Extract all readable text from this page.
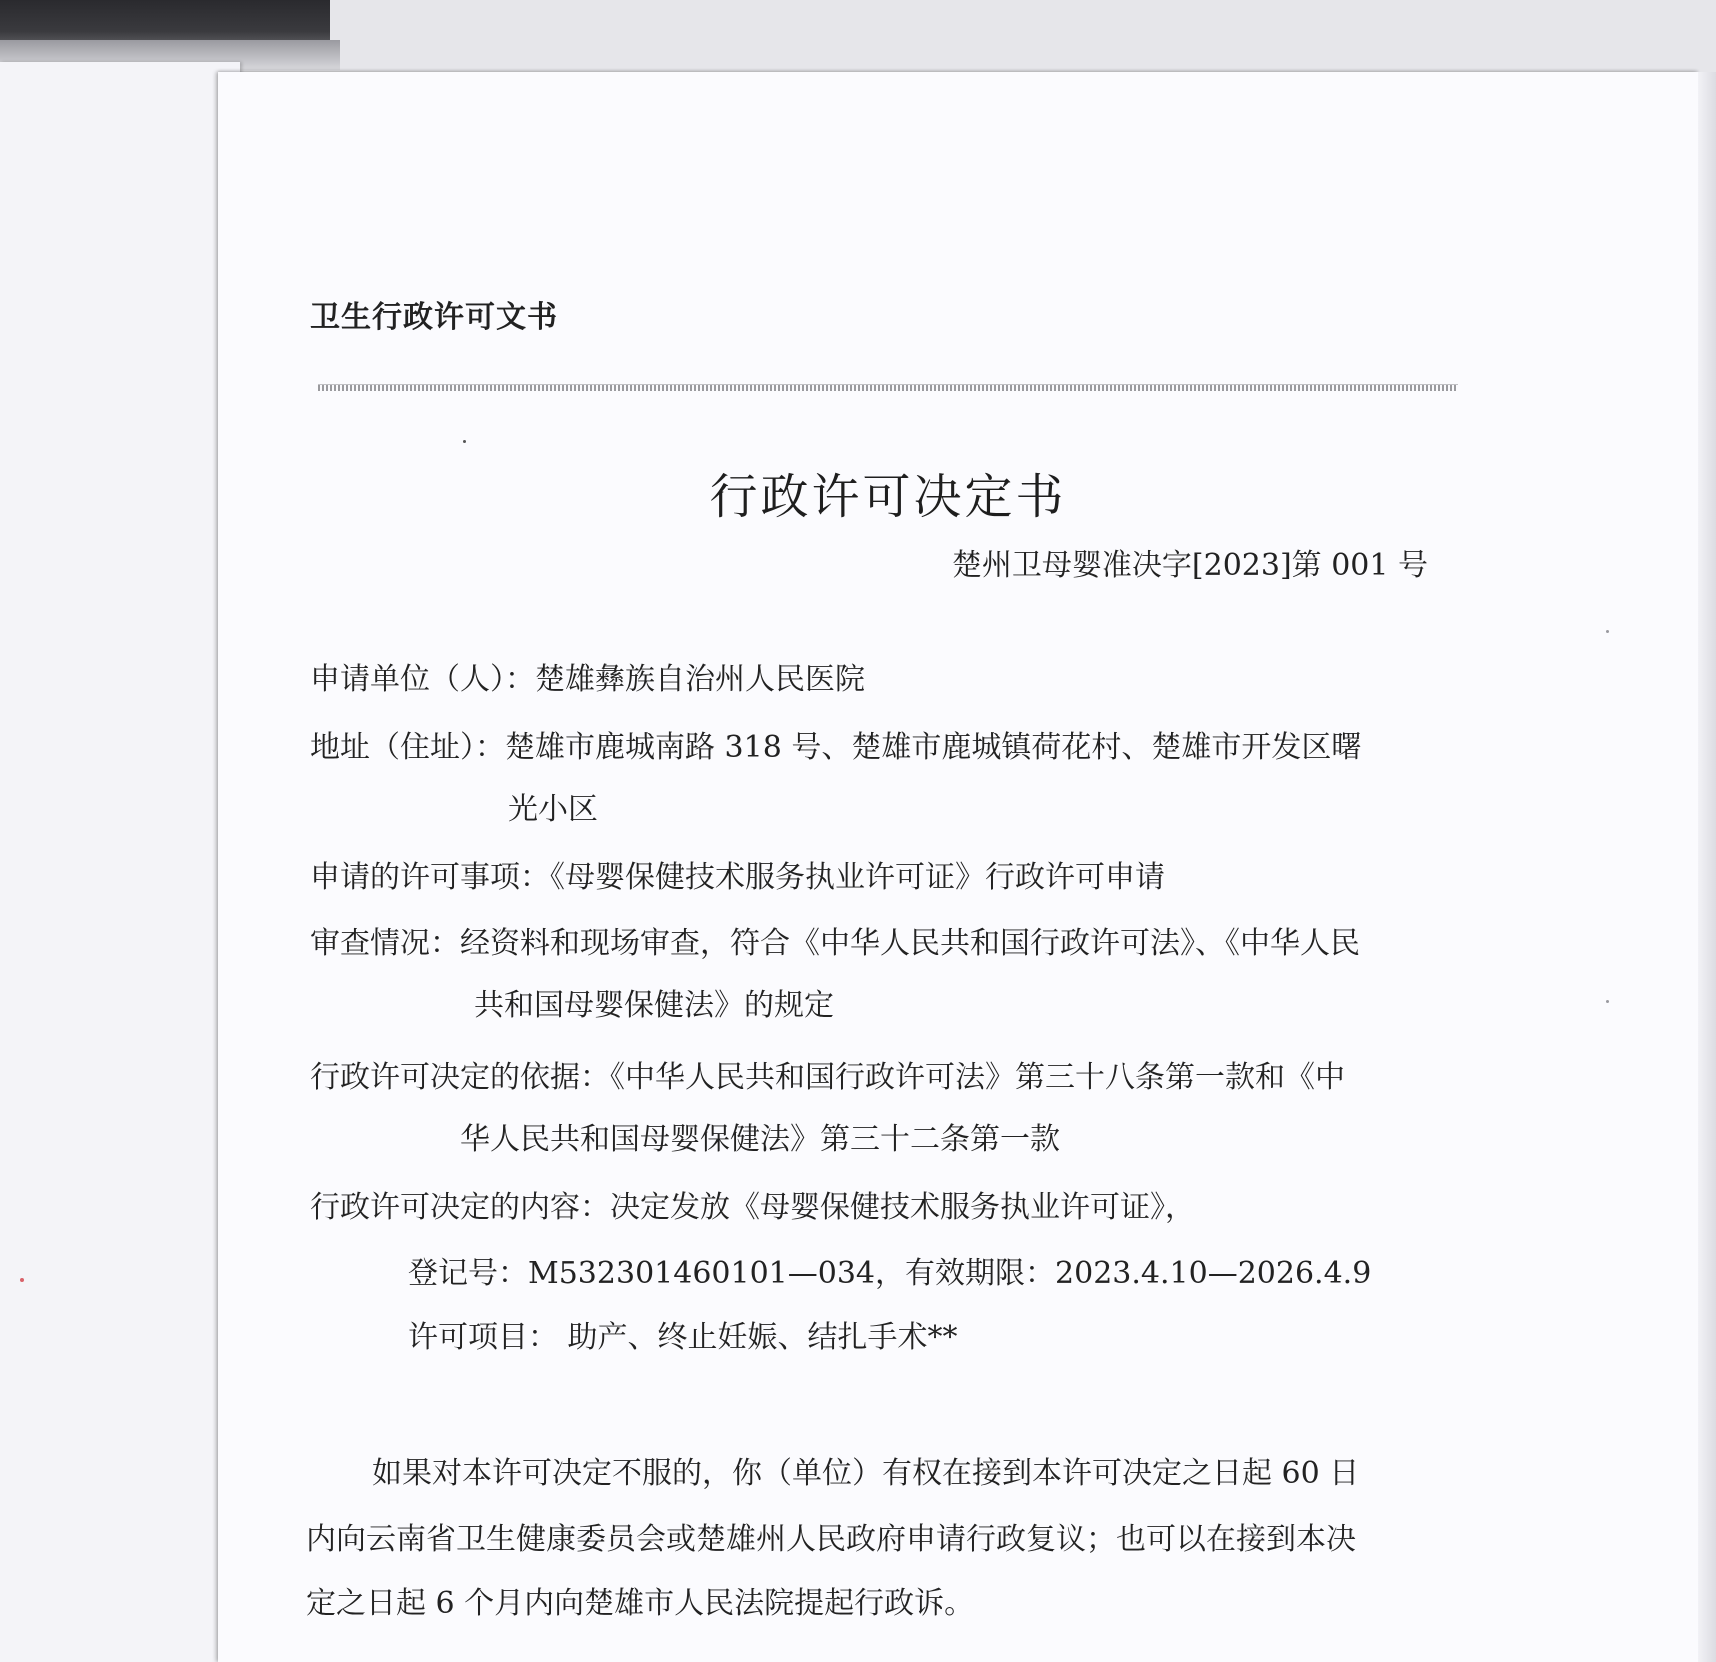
卫生行政许可文书
行政许可决定书
楚州卫母婴准决字[2023]第 001 号
申请单位（人）：楚雄彝族自治州人民医院
地址（住址）：楚雄市鹿城南路 318 号、楚雄市鹿城镇荷花村、楚雄市开发区曙
光小区
申请的许可事项：《母婴保健技术服务执业许可证》行政许可申请
审查情况：经资料和现场审查，符合《中华人民共和国行政许可法》、《中华人民
共和国母婴保健法》的规定
行政许可决定的依据：《中华人民共和国行政许可法》第三十八条第一款和《中
华人民共和国母婴保健法》第三十二条第一款
行政许可决定的内容：决定发放《母婴保健技术服务执业许可证》，
登记号：M532301460101—034，有效期限：2023.4.10—2026.4.9
许可项目： 助产、终止妊娠、结扎手术**
如果对本许可决定不服的，你（单位）有权在接到本许可决定之日起 60 日
内向云南省卫生健康委员会或楚雄州人民政府申请行政复议；也可以在接到本决
定之日起 6 个月内向楚雄市人民法院提起行政诉。
